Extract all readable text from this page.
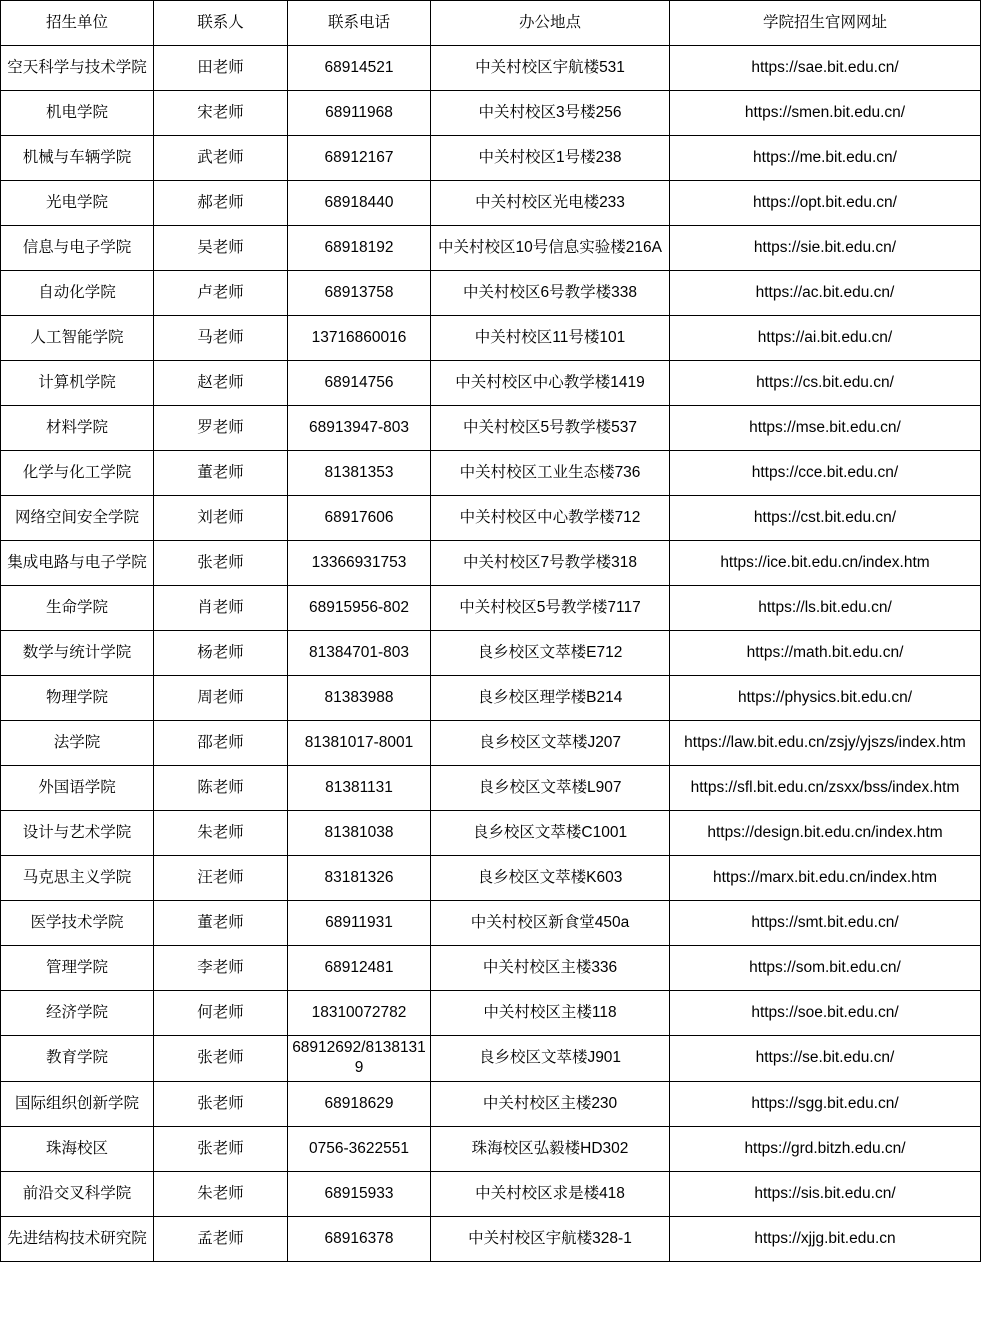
招生单位	联系人	联系电话	办公地点	学院招生官网网址
空天科学与技术学院	田老师	68914521	中关村校区宇航楼531	https://sae.bit.edu.cn/
机电学院	宋老师	68911968	中关村校区3号楼256	https://smen.bit.edu.cn/
机械与车辆学院	武老师	68912167	中关村校区1号楼238	https://me.bit.edu.cn/
光电学院	郝老师	68918440	中关村校区光电楼233	https://opt.bit.edu.cn/
信息与电子学院	吴老师	68918192	中关村校区10号信息实验楼216A	https://sie.bit.edu.cn/
自动化学院	卢老师	68913758	中关村校区6号教学楼338	https://ac.bit.edu.cn/
人工智能学院	马老师	13716860016	中关村校区11号楼101	https://ai.bit.edu.cn/
计算机学院	赵老师	68914756	中关村校区中心教学楼1419	https://cs.bit.edu.cn/
材料学院	罗老师	68913947-803	中关村校区5号教学楼537	https://mse.bit.edu.cn/
化学与化工学院	董老师	81381353	中关村校区工业生态楼736	https://cce.bit.edu.cn/
网络空间安全学院	刘老师	68917606	中关村校区中心教学楼712	https://cst.bit.edu.cn/
集成电路与电子学院	张老师	13366931753	中关村校区7号教学楼318	https://ice.bit.edu.cn/index.htm
生命学院	肖老师	68915956-802	中关村校区5号教学楼7117	https://ls.bit.edu.cn/
数学与统计学院	杨老师	81384701-803	良乡校区文萃楼E712	https://math.bit.edu.cn/
物理学院	周老师	81383988	良乡校区理学楼B214	https://physics.bit.edu.cn/
法学院	邵老师	81381017-8001	良乡校区文萃楼J207	https://law.bit.edu.cn/zsjy/yjszs/index.htm
外国语学院	陈老师	81381131	良乡校区文萃楼L907	https://sfl.bit.edu.cn/zsxx/bss/index.htm
设计与艺术学院	朱老师	81381038	良乡校区文萃楼C1001	https://design.bit.edu.cn/index.htm
马克思主义学院	汪老师	83181326	良乡校区文萃楼K603	https://marx.bit.edu.cn/index.htm
医学技术学院	董老师	68911931	中关村校区新食堂450a	https://smt.bit.edu.cn/
管理学院	李老师	68912481	中关村校区主楼336	https://som.bit.edu.cn/
经济学院	何老师	18310072782	中关村校区主楼118	https://soe.bit.edu.cn/
教育学院	张老师	68912692/81381319	良乡校区文萃楼J901	https://se.bit.edu.cn/
国际组织创新学院	张老师	68918629	中关村校区主楼230	https://sgg.bit.edu.cn/
珠海校区	张老师	0756-3622551	珠海校区弘毅楼HD302	https://grd.bitzh.edu.cn/
前沿交叉科学院	朱老师	68915933	中关村校区求是楼418	https://sis.bit.edu.cn/
先进结构技术研究院	孟老师	68916378	中关村校区宇航楼328-1	https://xjjg.bit.edu.cn
